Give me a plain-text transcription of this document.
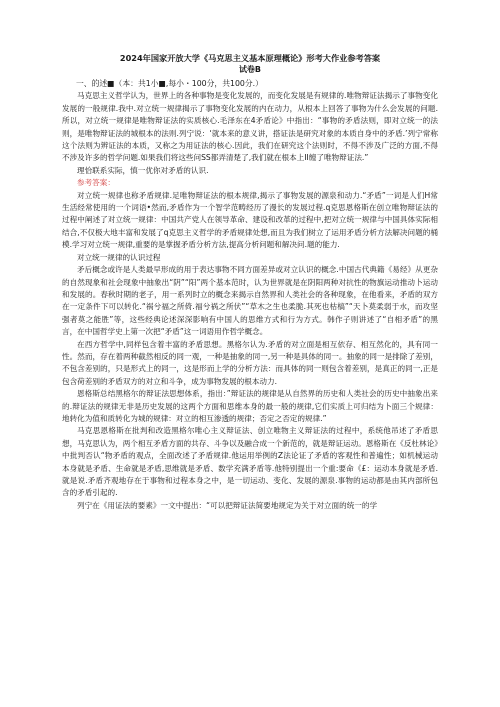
2024年国家开放大学《马克思主义基本原理概论》形考大作业参考答案
试卷B
一、的述■（本：共1小■,每小・100分，共100分.）

马克思主义哲学认为，世界上的各种事物是变化发展的，而变化发展是有规律的.唯物辩证法揭示了事物变化发展的一般规律.我中.对立统一规律揭示了事物变化发展的内在动力，从根本上回答了事物为什么会发展的问题.所以，对立统一规律是唯物辩证法的实质核心.毛泽东在4矛盾论》中指出：“事物的矛盾法则，即对立统一的法则，是唯物辩证法的城根本的法则.列宁说：‘就本来的意义讲，搭证法是研究对象的本质自身中的矛盾.’列宁常称这个法则为辨证法的本质，又称之为用证法的核心.因此，我们在研究这个法则时，不得不涉及广泛的方面,不得不涉及许多的哲学问题.如果我们将这些问SS都弄清楚了,我们就在根本上II缠了唯物辩证法.”

理恰联系实际，慎一优你对矛盾的认识.
参考答案：

对立统一规律也称矛盾规律.足唯物辩证法的根本规律,揭示了事物发展的源泉和动力.“矛盾”一词是人们H常生活经常使用的一个词语•然而,矛盾作为一个智学范畴经历了漫长的发展过程.q克思恩格斯在创立唯物辩证法的过程中阐述了对立统一规律：中国共产党人在领导革命、建设和改革的过程中,把对立统一规律与中国具体实际相结合,不仅极大地丰富和发展了q克思主义哲学的矛盾规律处想,而且为我们树立了运用矛盾分析方法解决问题的桶模.学习对立统一规律,重要的是掌握矛盾分析方法,提高分析问题和解决问.题的能力.

对立统一规律的认识过程

矛后概念或许是人类最早形成的用于表达事物不同方面差异或对立认识的概念.中国古代典籍《易经》从更杂的自然现象和社会现象中抽象出“阴”“阳”两个基本范时，认为世界就是在阴阳两种对抗性的物旗运动推动卜运动和发展的。春秋时期的老子，用一系列时立的概念来揭示自然界和人类社会的各种现象，在他看来，矛盾的双方在一定条件下可以转化.“祸兮福之所倚.福兮祸之所伏”“草木之生也柔脆.其死也枯槁”“天卜莫柔弱于水，而攻坚强者莫之能胜”等，这些经典论述深深影响有中国人的思维方式和行为方式。韩作子则讲述了“自相矛盾”的黑言，在中国哲学史上第一次把“矛盾”这一词语用作哲学概念。

在西方哲学中,同样包含着丰富的矛盾思想。黑格尔认为.矛盾的对立面是相互依存、相互然化的，具有同一性。然而，存在着两种截然相反的同一观，一种是抽象的同一,另一种是具体的同一。抽象的同一是排除了差别，不包含差别的，只是形式上的同一，这是形而上学的分析方法：而具体的同一则包含着差别，是真正的同一,正是包含荷差别的矛盾双方的对立和斗争，成为事物发展的根本动力.

恩格斯总结黑格尔的辩证法思想体系，指出：”辩证法的规律是从自然界的历史和人类社会的历史中抽象出来的.辩证法的规律无非是历史发展的这两个方面和思维本身的最一般的规律,它们实质上可归结为卜面三个规律：地转化为值和质转化为城的规律：对立的相互渗透的规律；否定之否定的规律.”

马克思恩格斯在批判和改造黑格尔唯心主义辩证法、创立唯物主义辩证法的过程中，系统他吊述了矛盾思想，马克思认为，两个相互矛盾方面的共存、斗争以及融合成一个新范的，就是辩证运动。恩格斯在《反杜林论》中批判否认“物矛盾的观点，全面改述了矛盾规律.他运用举例的Z法论证了矛盾的客观性和普遍性；如机械运动本身就是矛盾、生命就是矛盾,思维就是矛盾、数学充满矛盾等.他特别提出一个重:要命《£：运动本身就是矛盾.就是说.矛盾齐观地存在于事物和过程本身之中，是一切运动、变化、发展的源泉.事物的运动都是由其内部所包含的矛盾引起的.

列宁在《用证法的要素》一文中提出：“可以把辩证法简要地规定为关于对立面的统一的学
